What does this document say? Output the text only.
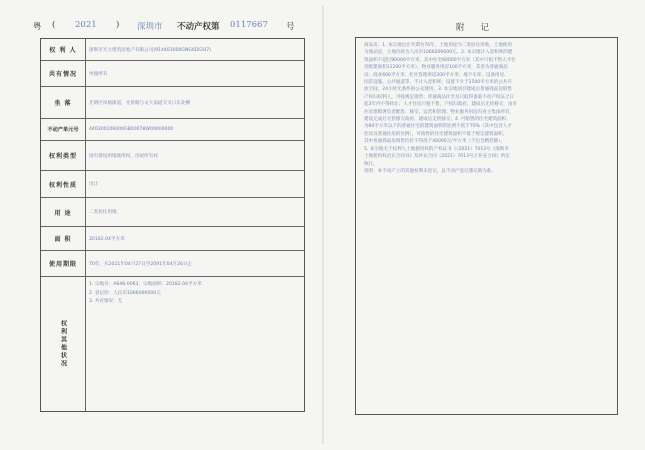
粤 ( 2021 ) 深圳市 不动产权第 0117667 号
权 利 人	深圳市光大建筑房地产有限公司(914403000GNG6DG5I7)
共有情况	单独所有
坐 落	光明区凤凰街道，光侨路与文大南道交叉口东北侧
不动产单元号	440300206000GB00078W00000000
权利类型	国有建设用地使用权，房屋所有权
权利性质	出让
用 途	二类居住用地
面 积	20182.04平方米
使用期限	70年，从2021年04月27日至2091年04月26日止
权利其他状况
1. 宗地号：A646-0063，宗地面积：20182.04平方米
2. 登记价：人民币1066000000元
3. 共有情况：无
附记
商品房。1. 本宗地出让年期为70年，土地用途为二类居住用地，土地使用
为商品房，土地价款为人民币1066000000元。2. 本宗地计入容积率的建
筑面积不超过80000平方米，其中住宅60000平方米（其中只租不售人才住
房配建面积11200平方米），物业服务用房100平方米，其余为普通商品
房；商业600平方米；社区管理用房200平方米；地下车库、设备用房、
民防设施、公共通道等，不计入容积率；设置不少于2500平方米的公共开
放空间，24小时无条件供公众使用。3. 本宗地项目建成后普通商品房销售
产权归权利人，可按规定销售；普通商品住宅及只取得备案不动产权证之日
起3年内不得转让；人才住房只租不售，产权归政府，建成后无偿移交，由市
住房保障署负责配售、移交、运营和管理；物业服务用房归业主集体所有，
建设完成后无偿移交政府，建成后无偿移交；4. 可销售的住宅建筑面积
为80平方米以下的普通住宅的建筑面积的比例不低于70%（其中包含人才
住房及普通住房的比例），可销售的住宅建筑面积不低于规定建筑面积，
其中普通商品房销售均价不得高于40000元/平方米（不包含精装修）。
5. 本宗地关于权利人土地使用权的产权证书《（2021）7013号《深圳市
土地使用权出让合同书》及补充合同（2021）7013号之补充合同》约定
执行。
说明：本不动产上的其他权利未登记，以不动产登记簿记载为准。
